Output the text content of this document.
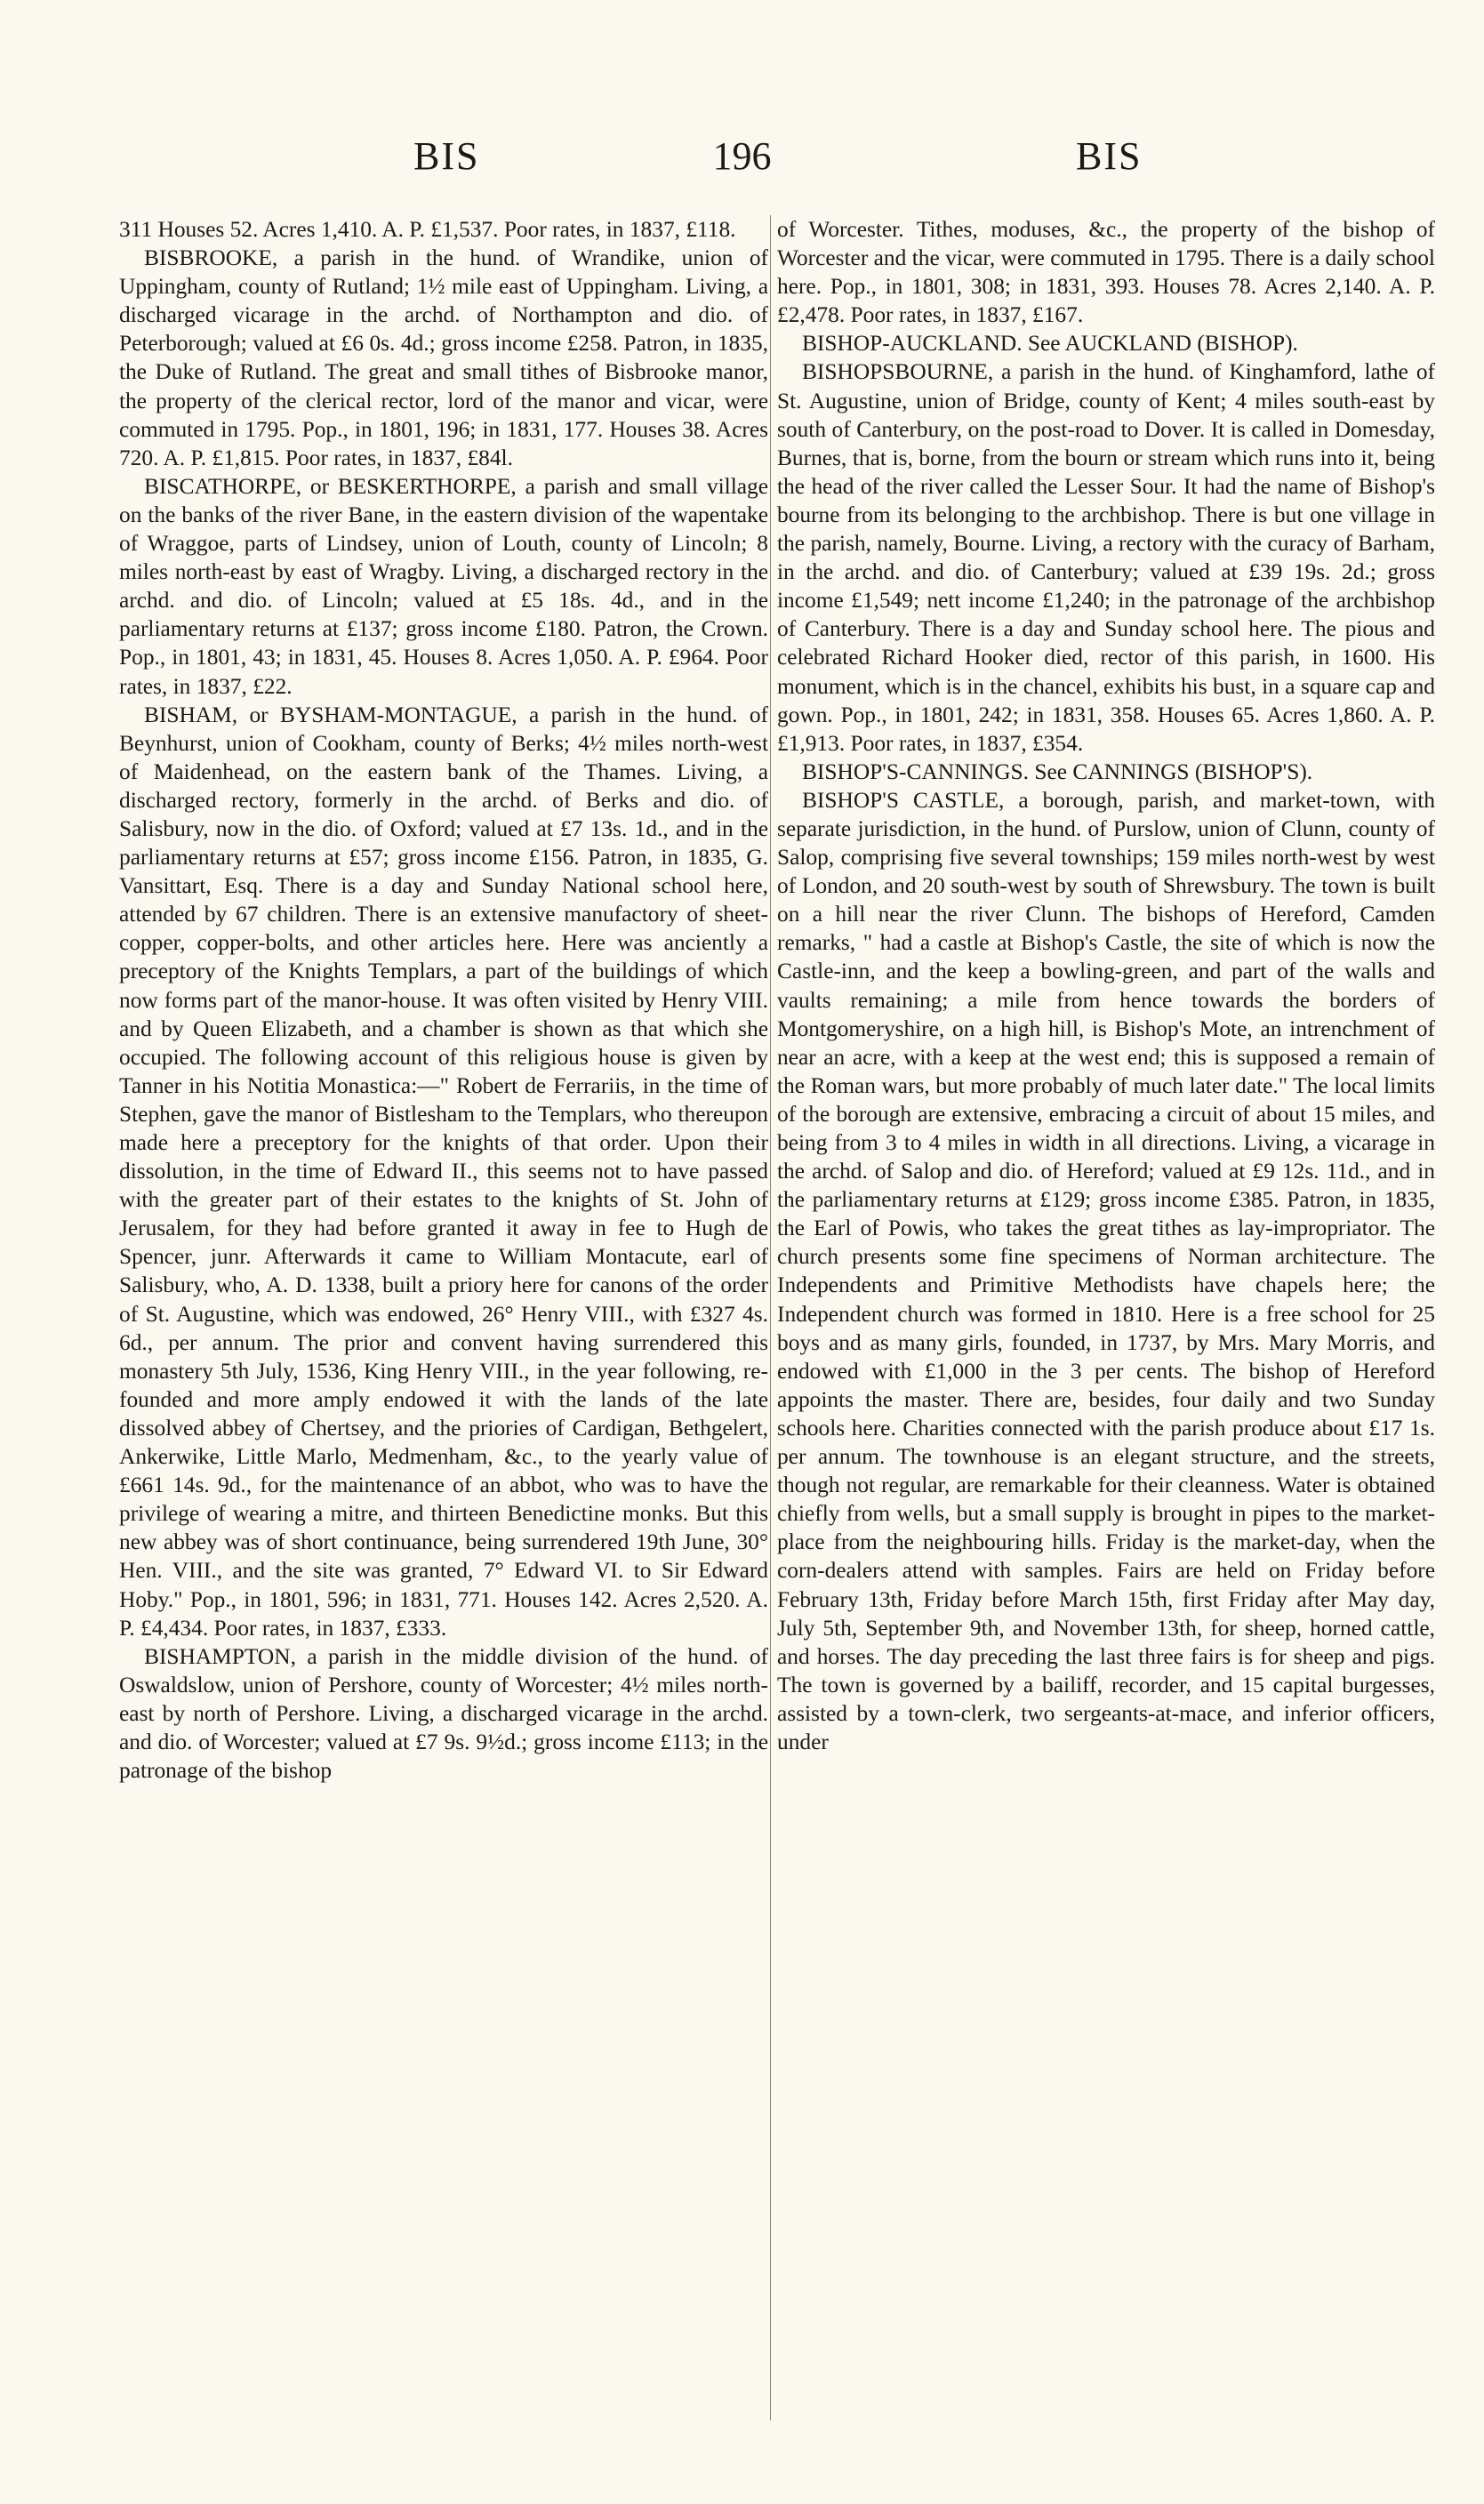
BIS	196	BIS

311 Houses 52. Acres 1,410. A. P. £1,537. Poor rates, in 1837, £118.

BISBROOKE, a parish in the hund. of Wrandike, union of Uppingham, county of Rutland; 1½ mile east of Uppingham. Living, a discharged vicarage in the archd. of Northampton and dio. of Peterborough; valued at £6 0s. 4d.; gross income £258. Patron, in 1835, the Duke of Rutland. The great and small tithes of Bisbrooke manor, the property of the clerical rector, lord of the manor and vicar, were commuted in 1795. Pop., in 1801, 196; in 1831, 177. Houses 38. Acres 720. A. P. £1,815. Poor rates, in 1837, £84l.

BISCATHORPE, or BESKERTHORPE, a parish and small village on the banks of the river Bane, in the eastern division of the wapentake of Wraggoe, parts of Lindsey, union of Louth, county of Lincoln; 8 miles north-east by east of Wragby. Living, a discharged rectory in the archd. and dio. of Lincoln; valued at £5 18s. 4d., and in the parliamentary returns at £137; gross income £180. Patron, the Crown. Pop., in 1801, 43; in 1831, 45. Houses 8. Acres 1,050. A. P. £964. Poor rates, in 1837, £22.

BISHAM, or BYSHAM-MONTAGUE, a parish in the hund. of Beynhurst, union of Cookham, county of Berks; 4½ miles north-west of Maidenhead, on the eastern bank of the Thames. Living, a discharged rectory, formerly in the archd. of Berks and dio. of Salisbury, now in the dio. of Oxford; valued at £7 13s. 1d., and in the parliamentary returns at £57; gross income £156. Patron, in 1835, G. Vansittart, Esq. There is a day and Sunday National school here, attended by 67 children. There is an extensive manufactory of sheet-copper, copper-bolts, and other articles here. Here was anciently a preceptory of the Knights Templars, a part of the buildings of which now forms part of the manor-house. It was often visited by Henry VIII. and by Queen Elizabeth, and a chamber is shown as that which she occupied. The following account of this religious house is given by Tanner in his Notitia Monastica:—" Robert de Ferrariis, in the time of Stephen, gave the manor of Bistlesham to the Templars, who thereupon made here a preceptory for the knights of that order. Upon their dissolution, in the time of Edward II., this seems not to have passed with the greater part of their estates to the knights of St. John of Jerusalem, for they had before granted it away in fee to Hugh de Spencer, junr. Afterwards it came to William Montacute, earl of Salisbury, who, A. D. 1338, built a priory here for canons of the order of St. Augustine, which was endowed, 26° Henry VIII., with £327 4s. 6d., per annum. The prior and convent having surrendered this monastery 5th July, 1536, King Henry VIII., in the year following, re-founded and more amply endowed it with the lands of the late dissolved abbey of Chertsey, and the priories of Cardigan, Bethgelert, Ankerwike, Little Marlo, Medmenham, &c., to the yearly value of £661 14s. 9d., for the maintenance of an abbot, who was to have the privilege of wearing a mitre, and thirteen Benedictine monks. But this new abbey was of short continuance, being surrendered 19th June, 30° Hen. VIII., and the site was granted, 7° Edward VI. to Sir Edward Hoby." Pop., in 1801, 596; in 1831, 771. Houses 142. Acres 2,520. A. P. £4,434. Poor rates, in 1837, £333.

BISHAMPTON, a parish in the middle division of the hund. of Oswaldslow, union of Pershore, county of Worcester; 4½ miles north-east by north of Pershore. Living, a discharged vicarage in the archd. and dio. of Worcester; valued at £7 9s. 9½d.; gross income £113; in the patronage of the bishop

of Worcester. Tithes, moduses, &c., the property of the bishop of Worcester and the vicar, were commuted in 1795. There is a daily school here. Pop., in 1801, 308; in 1831, 393. Houses 78. Acres 2,140. A. P. £2,478. Poor rates, in 1837, £167.

BISHOP-AUCKLAND. See AUCKLAND (BISHOP).

BISHOPSBOURNE, a parish in the hund. of Kinghamford, lathe of St. Augustine, union of Bridge, county of Kent; 4 miles south-east by south of Canterbury, on the post-road to Dover. It is called in Domesday, Burnes, that is, borne, from the bourn or stream which runs into it, being the head of the river called the Lesser Sour. It had the name of Bishop's bourne from its belonging to the archbishop. There is but one village in the parish, namely, Bourne. Living, a rectory with the curacy of Barham, in the archd. and dio. of Canterbury; valued at £39 19s. 2d.; gross income £1,549; nett income £1,240; in the patronage of the archbishop of Canterbury. There is a day and Sunday school here. The pious and celebrated Richard Hooker died, rector of this parish, in 1600. His monument, which is in the chancel, exhibits his bust, in a square cap and gown. Pop., in 1801, 242; in 1831, 358. Houses 65. Acres 1,860. A. P. £1,913. Poor rates, in 1837, £354.

BISHOP'S-CANNINGS. See CANNINGS (BISHOP'S).

BISHOP'S CASTLE, a borough, parish, and market-town, with separate jurisdiction, in the hund. of Purslow, union of Clunn, county of Salop, comprising five several townships; 159 miles north-west by west of London, and 20 south-west by south of Shrewsbury. The town is built on a hill near the river Clunn. The bishops of Hereford, Camden remarks, " had a castle at Bishop's Castle, the site of which is now the Castle-inn, and the keep a bowling-green, and part of the walls and vaults remaining; a mile from hence towards the borders of Montgomeryshire, on a high hill, is Bishop's Mote, an intrenchment of near an acre, with a keep at the west end; this is supposed a remain of the Roman wars, but more probably of much later date." The local limits of the borough are extensive, embracing a circuit of about 15 miles, and being from 3 to 4 miles in width in all directions. Living, a vicarage in the archd. of Salop and dio. of Hereford; valued at £9 12s. 11d., and in the parliamentary returns at £129; gross income £385. Patron, in 1835, the Earl of Powis, who takes the great tithes as lay-impropriator. The church presents some fine specimens of Norman architecture. The Independents and Primitive Methodists have chapels here; the Independent church was formed in 1810. Here is a free school for 25 boys and as many girls, founded, in 1737, by Mrs. Mary Morris, and endowed with £1,000 in the 3 per cents. The bishop of Hereford appoints the master. There are, besides, four daily and two Sunday schools here. Charities connected with the parish produce about £17 1s. per annum. The townhouse is an elegant structure, and the streets, though not regular, are remarkable for their cleanness. Water is obtained chiefly from wells, but a small supply is brought in pipes to the market-place from the neighbouring hills. Friday is the market-day, when the corn-dealers attend with samples. Fairs are held on Friday before February 13th, Friday before March 15th, first Friday after May day, July 5th, September 9th, and November 13th, for sheep, horned cattle, and horses. The day preceding the last three fairs is for sheep and pigs. The town is governed by a bailiff, recorder, and 15 capital burgesses, assisted by a town-clerk, two sergeants-at-mace, and inferior officers, under
